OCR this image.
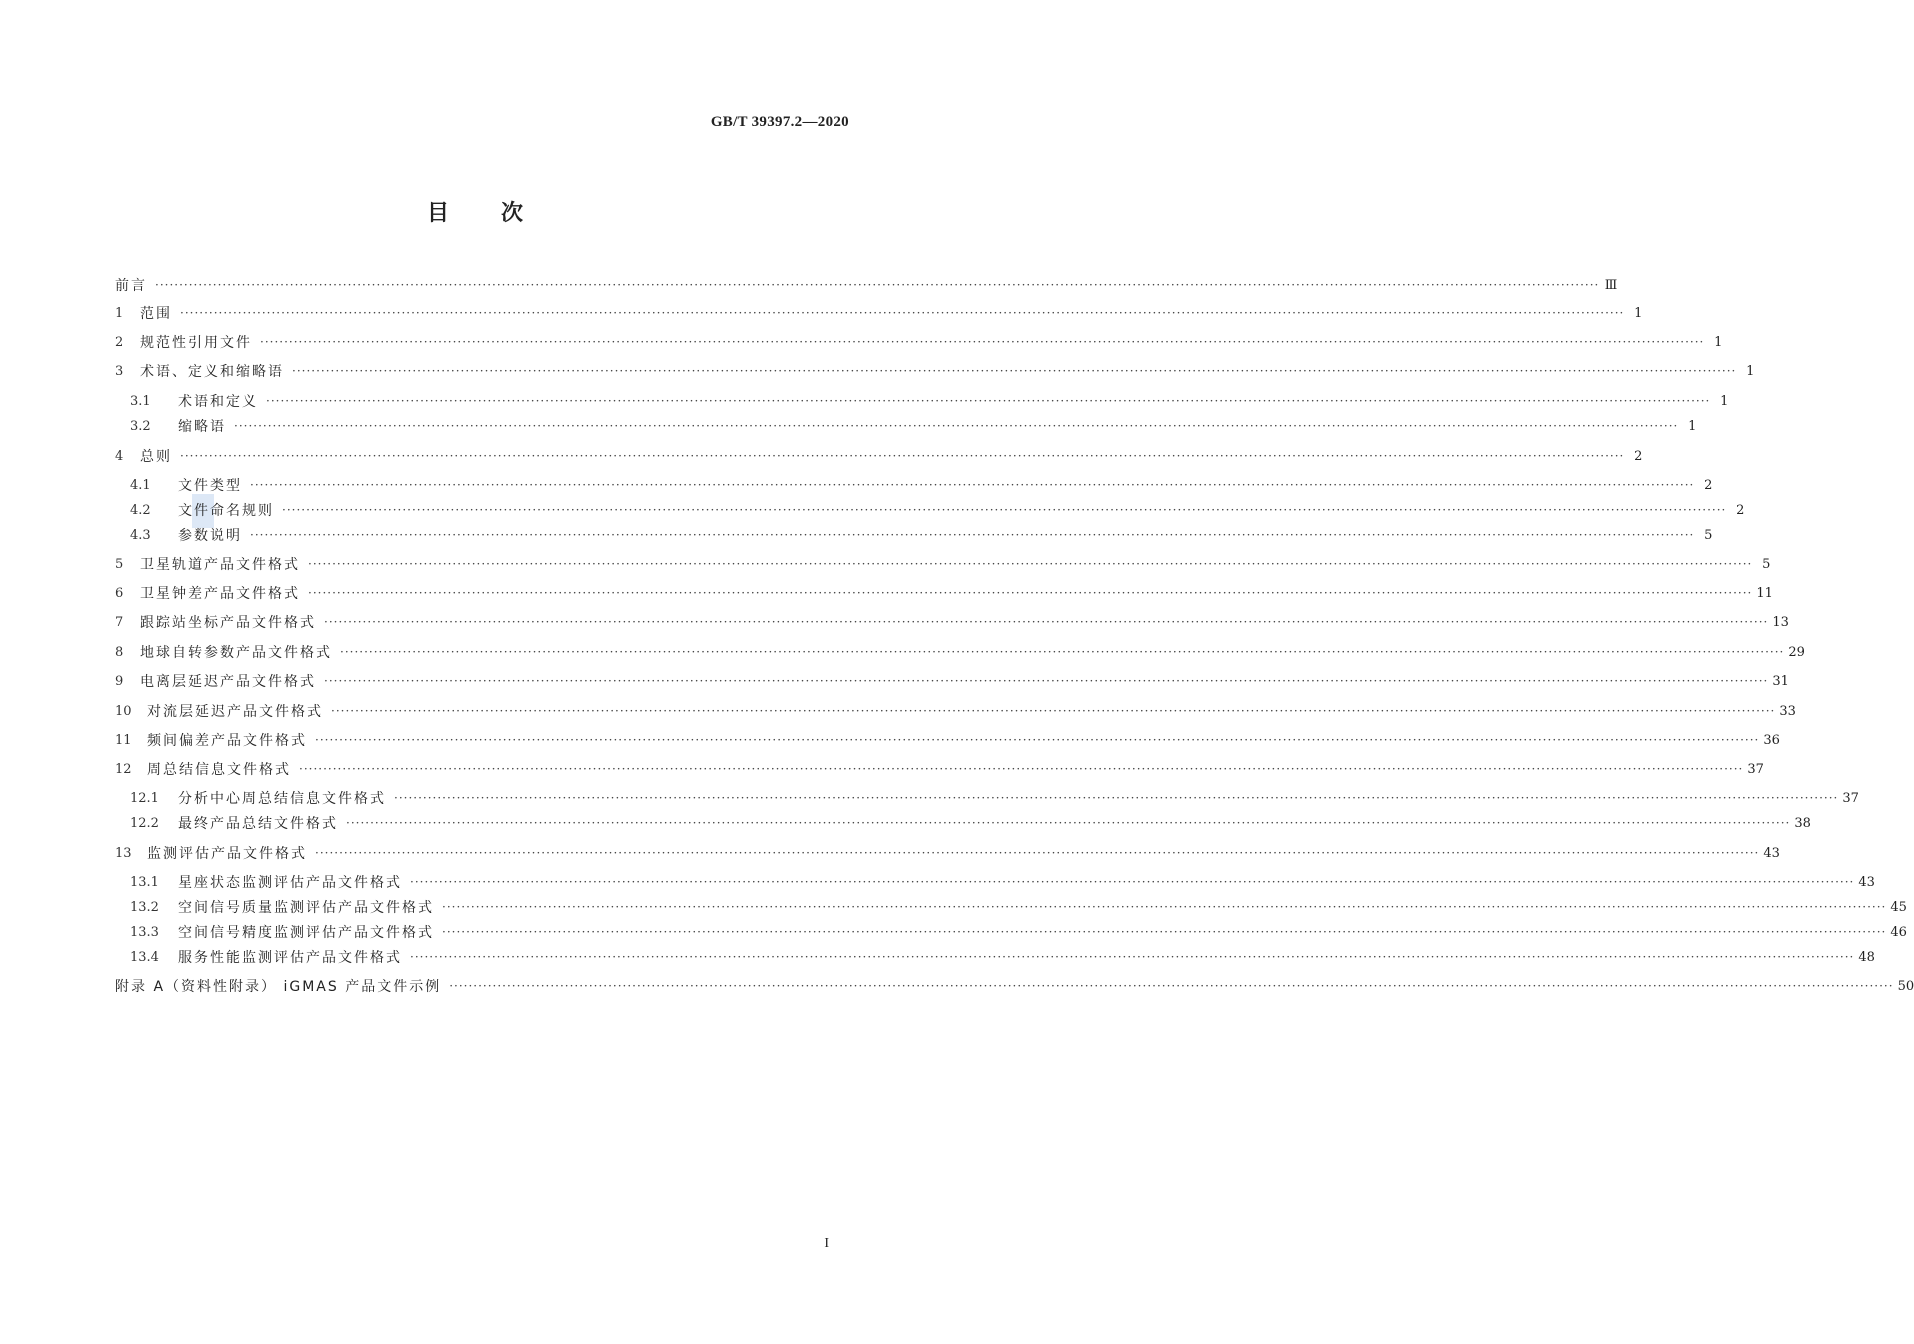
GB/T 39397.2—2020
目次
前言 ············································································································································································································································································································ Ⅲ
1	范围 ············································································································································································································································································································ 1
2	规范性引用文件 ············································································································································································································································································································ 1
3	术语、定义和缩略语 ············································································································································································································································································································ 1
3.1	术语和定义 ············································································································································································································································································································ 1
3.2	缩略语 ············································································································································································································································································································ 1
4	总则 ············································································································································································································································································································ 2
4.1	文件类型 ············································································································································································································································································································ 2
4.2	文件命名规则 ············································································································································································································································································································ 2
4.3	参数说明 ············································································································································································································································································································ 5
5	卫星轨道产品文件格式 ············································································································································································································································································································ 5
6	卫星钟差产品文件格式 ············································································································································································································································································································ 11
7	跟踪站坐标产品文件格式 ············································································································································································································································································································ 13
8	地球自转参数产品文件格式 ············································································································································································································································································································ 29
9	电离层延迟产品文件格式 ············································································································································································································································································································ 31
10	对流层延迟产品文件格式 ············································································································································································································································································································ 33
11	频间偏差产品文件格式 ············································································································································································································································································································ 36
12	周总结信息文件格式 ············································································································································································································································································································ 37
12.1	分析中心周总结信息文件格式 ············································································································································································································································································································ 37
12.2	最终产品总结文件格式 ············································································································································································································································································································ 38
13	监测评估产品文件格式 ············································································································································································································································································································ 43
13.1	星座状态监测评估产品文件格式 ············································································································································································································································································································ 43
13.2	空间信号质量监测评估产品文件格式 ············································································································································································································································································································ 45
13.3	空间信号精度监测评估产品文件格式 ············································································································································································································································································································ 46
13.4	服务性能监测评估产品文件格式 ············································································································································································································································································································ 48
附录 A（资料性附录） iGMAS 产品文件示例 ············································································································································································································································································································ 50
I
